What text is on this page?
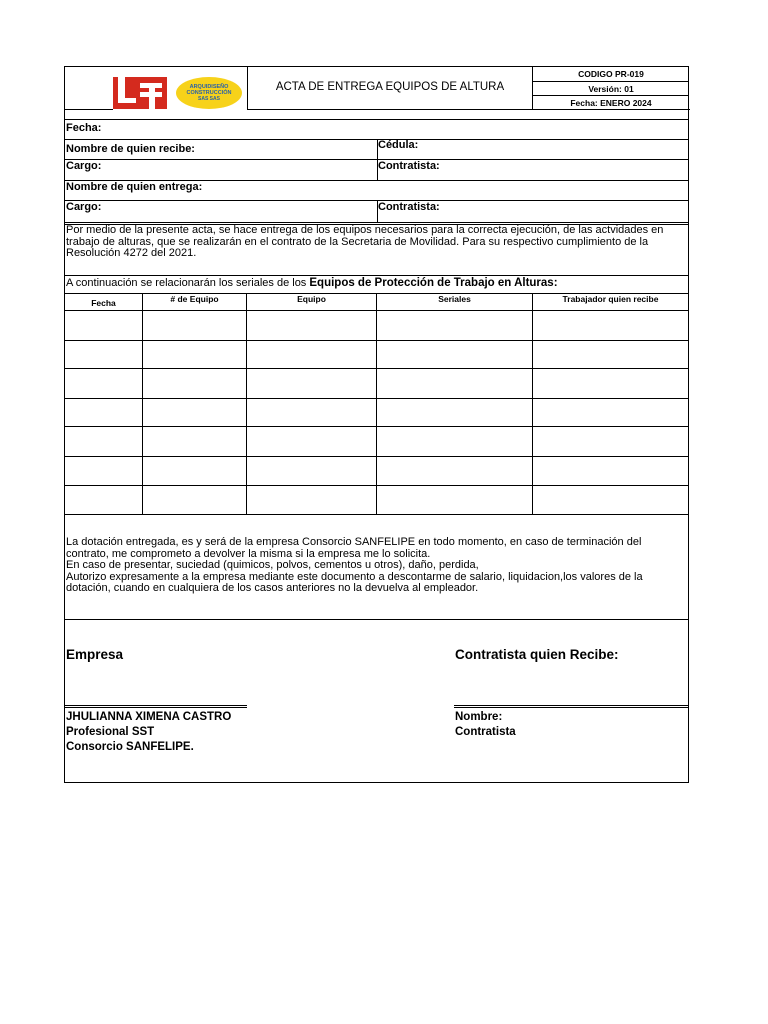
ARQUIDISEÑO
CONSTRUCCIÓN
SAS SAS
ACTA DE ENTREGA EQUIPOS DE ALTURA
CODIGO PR-019
Versión: 01
Fecha: ENERO 2024
Fecha:
Nombre de quien recibe:	Cédula:
Cargo:	Contratista:
Nombre de quien entrega:
Cargo:	Contratista:
Por medio de la presente acta, se hace entrega de los equipos necesarios para la correcta ejecución, de las actvidades en trabajo de alturas, que se realizarán en el contrato de la Secretaria de Movilidad. Para su respectivo cumplimiento de la Resolución 4272 del 2021.
A continuación se relacionarán los seriales de los Equipos de Protección de Trabajo en Alturas:
Fecha	# de Equipo	Equipo	Seriales	Trabajador quien recibe
La dotación entregada, es y será de la empresa Consorcio SANFELIPE en todo momento, en caso de terminación del contrato, me comprometo a devolver la misma si la empresa me lo solicita.
En caso de presentar, suciedad (quimicos, polvos, cementos u otros), daño, perdida,
Autorizo expresamente a la empresa mediante este documento a descontarme de salario, liquidacion,los valores de la dotación, cuando en cualquiera de los casos anteriores no la devuelva al empleador.
Empresa	Contratista quien Recibe:
JHULIANNA XIMENA CASTRO
Profesional SST
Consorcio SANFELIPE.
Nombre:
Contratista
